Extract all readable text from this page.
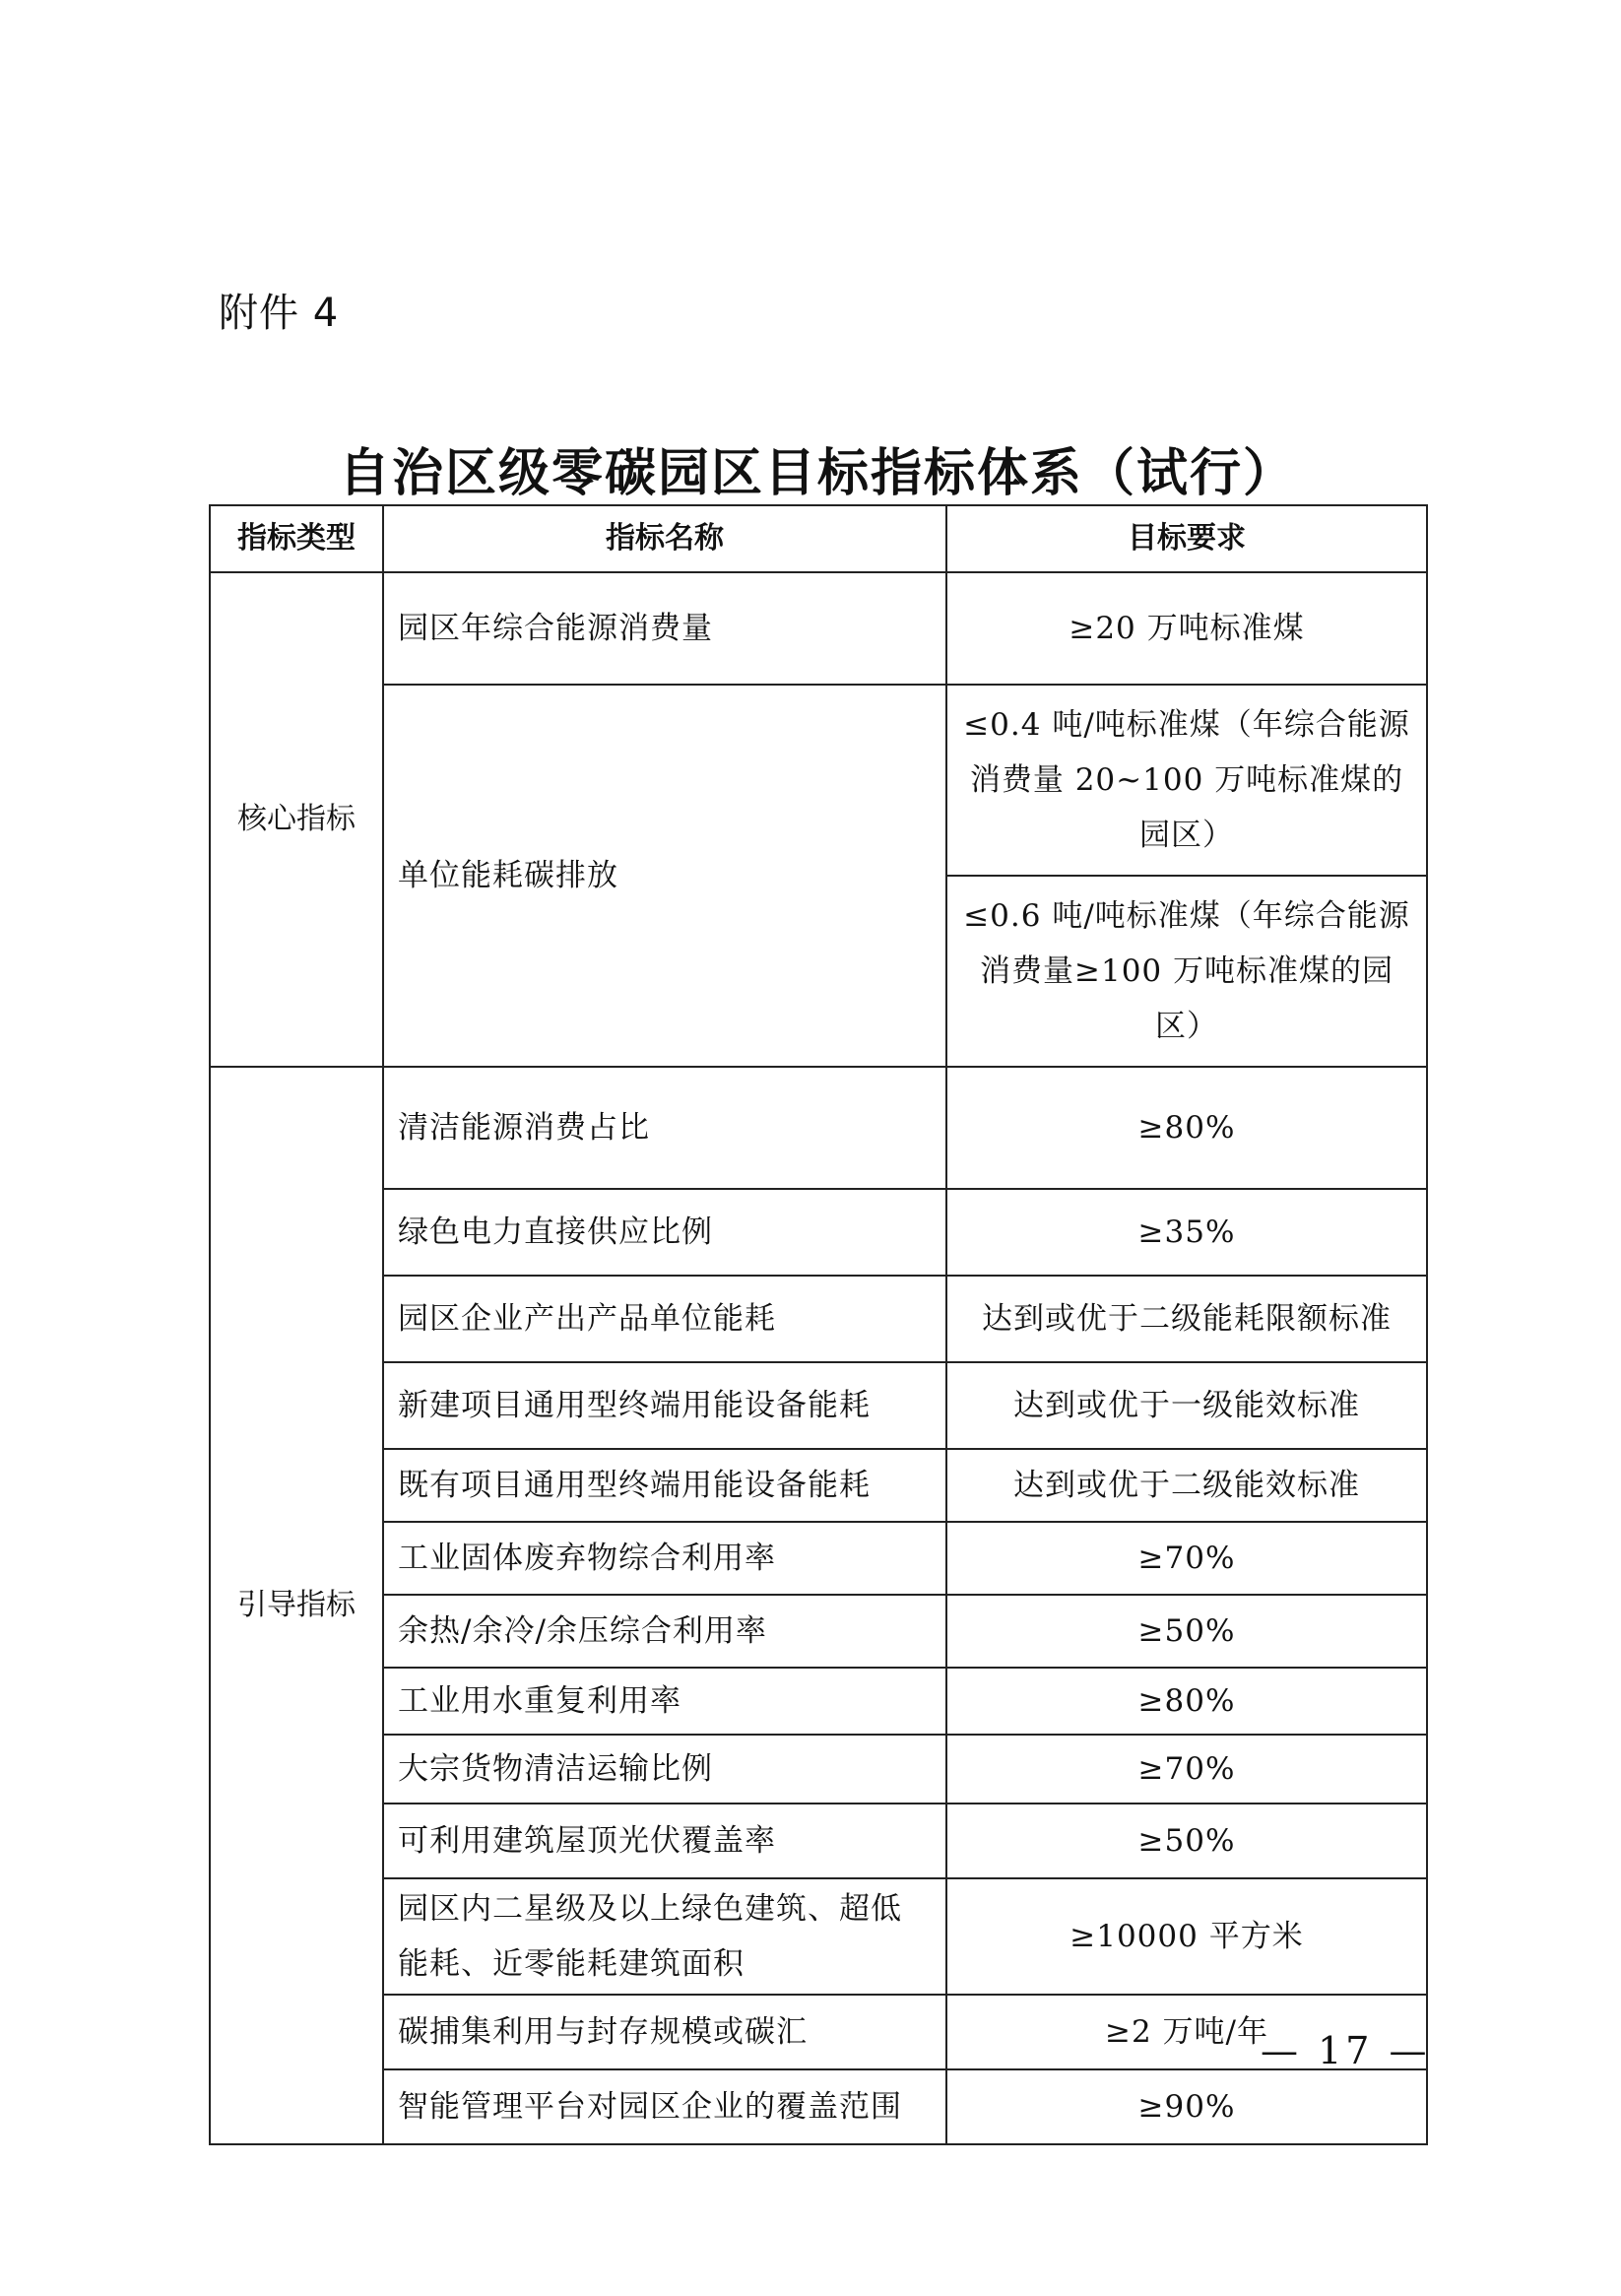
附件 4
自治区级零碳园区目标指标体系（试行）
指标类型	指标名称	目标要求
核心指标	园区年综合能源消费量	≥20 万吨标准煤
	单位能耗碳排放	≤0.4 吨/吨标准煤（年综合能源消费量 20~100 万吨标准煤的园区）
		≤0.6 吨/吨标准煤（年综合能源消费量≥100 万吨标准煤的园区）
引导指标	清洁能源消费占比	≥80%
	绿色电力直接供应比例	≥35%
	园区企业产出产品单位能耗	达到或优于二级能耗限额标准
	新建项目通用型终端用能设备能耗	达到或优于一级能效标准
	既有项目通用型终端用能设备能耗	达到或优于二级能效标准
	工业固体废弃物综合利用率	≥70%
	余热/余冷/余压综合利用率	≥50%
	工业用水重复利用率	≥80%
	大宗货物清洁运输比例	≥70%
	可利用建筑屋顶光伏覆盖率	≥50%
	园区内二星级及以上绿色建筑、超低能耗、近零能耗建筑面积	≥10000 平方米
	碳捕集利用与封存规模或碳汇	≥2 万吨/年
	智能管理平台对园区企业的覆盖范围	≥90%
— 17 —
